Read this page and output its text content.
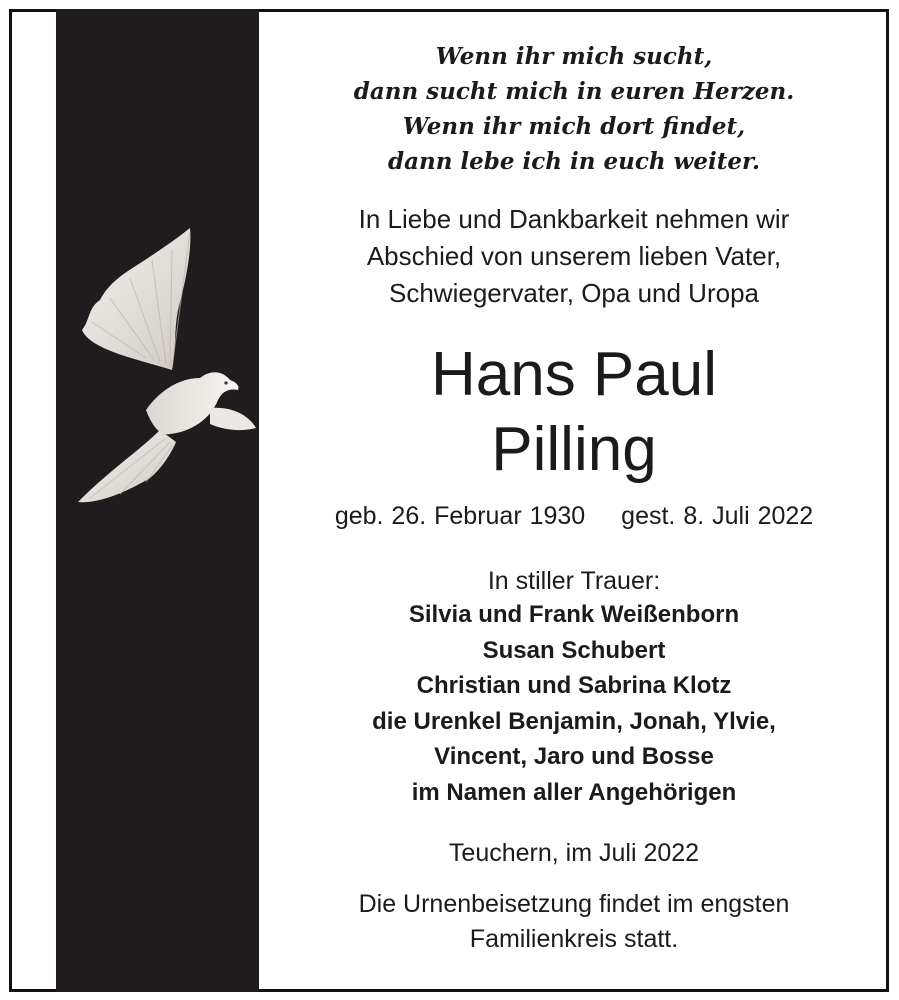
Wenn ihr mich sucht,
dann sucht mich in euren Herzen.
Wenn ihr mich dort findet,
dann lebe ich in euch weiter.
In Liebe und Dankbarkeit nehmen wir
Abschied von unserem lieben Vater,
Schwiegervater, Opa und Uropa
Hans Paul
Pilling
geb. 26. Februar 1930 gest. 8. Juli 2022
In stiller Trauer:
Silvia und Frank Weißenborn
Susan Schubert
Christian und Sabrina Klotz
die Urenkel Benjamin, Jonah, Ylvie,
Vincent, Jaro und Bosse
im Namen aller Angehörigen
Teuchern, im Juli 2022
Die Urnenbeisetzung findet im engsten
Familienkreis statt.
